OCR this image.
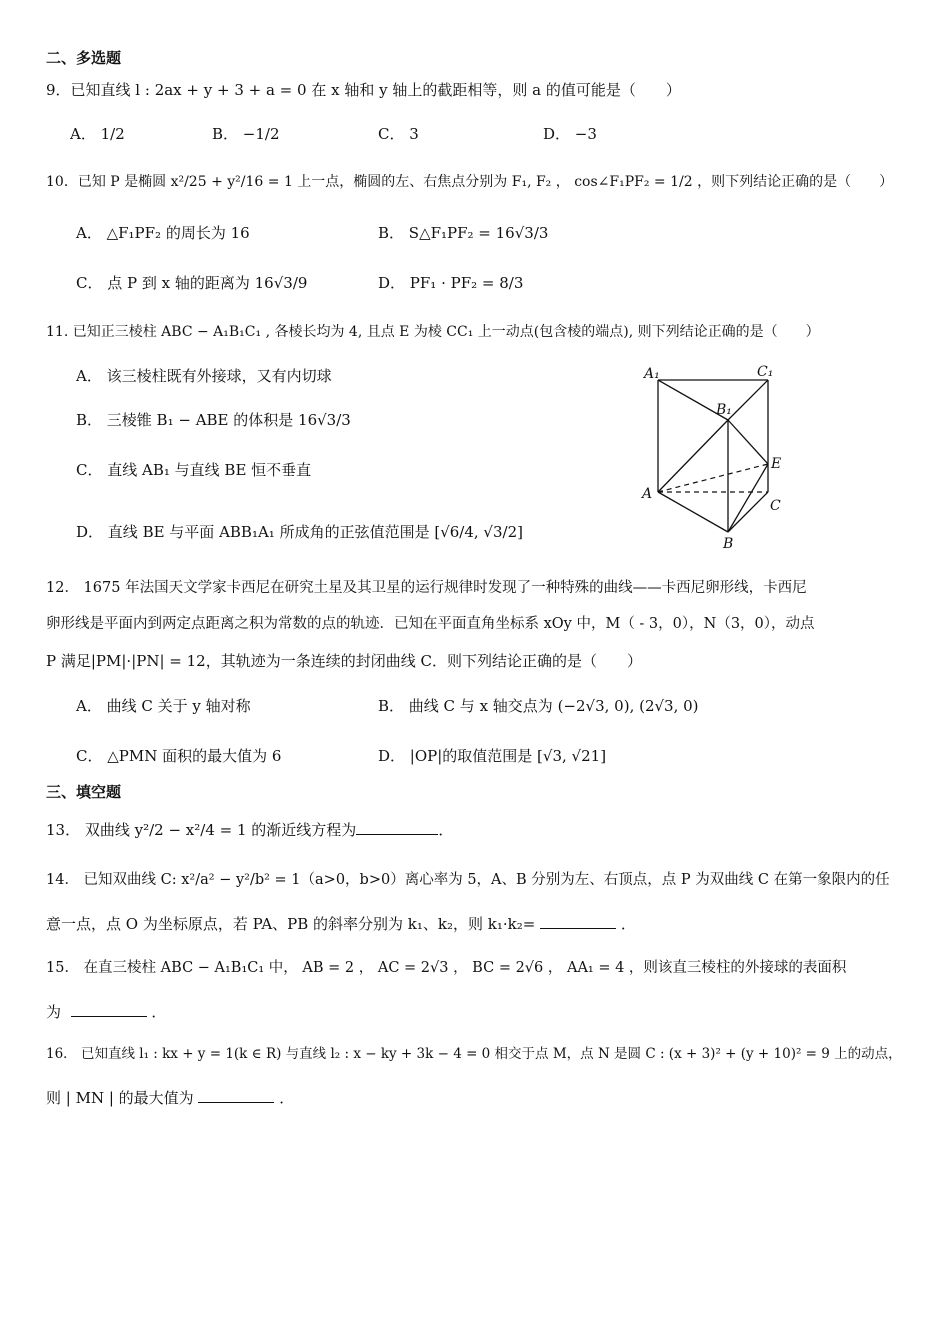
二、多选题
9．已知直线 l : 2ax + y + 3 + a = 0 在 x 轴和 y 轴上的截距相等，则 a 的值可能是（　　）
A． 1/2	B． −1/2	C． 3	D． −3
10．已知 P 是椭圆 x²/25 + y²/16 = 1 上一点，椭圆的左、右焦点分别为 F₁, F₂ ， cos∠F₁PF₂ = 1/2 ，则下列结论正确的是（　　）
A． △F₁PF₂ 的周长为 16	B． S△F₁PF₂ = 16√3/3
C． 点 P 到 x 轴的距离为 16√3/9	D． PF₁ · PF₂ = 8/3
11. 已知正三棱柱 ABC − A₁B₁C₁ , 各棱长均为 4, 且点 E 为棱 CC₁ 上一动点(包含棱的端点), 则下列结论正确的是（　　）
A． 该三棱柱既有外接球，又有内切球
B． 三棱锥 B₁ − ABE 的体积是 16√3/3
C． 直线 AB₁ 与直线 BE 恒不垂直
D． 直线 BE 与平面 ABB₁A₁ 所成角的正弦值范围是 [√6/4, √3/2]
A₁	C₁
B₁
E
A
C
B
12． 1675 年法国天文学家卡西尼在研究土星及其卫星的运行规律时发现了一种特殊的曲线——卡西尼卵形线，卡西尼
卵形线是平面内到两定点距离之积为常数的点的轨迹．已知在平面直角坐标系 xOy 中，M（ - 3，0），N（3，0），动点
P 满足|PM|·|PN| = 12，其轨迹为一条连续的封闭曲线 C．则下列结论正确的是（　　）
A． 曲线 C 关于 y 轴对称	B． 曲线 C 与 x 轴交点为 (−2√3, 0), (2√3, 0)
C． △PMN 面积的最大值为 6	D． |OP|的取值范围是 [√3, √21]
三、填空题
13． 双曲线 y²/2 − x²/4 = 1 的渐近线方程为	．
14． 已知双曲线 C: x²/a² − y²/b² = 1（a>0，b>0）离心率为 5，A、B 分别为左、右顶点，点 P 为双曲线 C 在第一象限内的任
意一点，点 O 为坐标原点，若 PA、PB 的斜率分别为 k₁、k₂，则 k₁·k₂=	．
15． 在直三棱柱 ABC − A₁B₁C₁ 中， AB = 2 ， AC = 2√3 ， BC = 2√6 ， AA₁ = 4 ，则该直三棱柱的外接球的表面积
为	．
16． 已知直线 l₁ : kx + y = 1(k ∈ R) 与直线 l₂ : x − ky + 3k − 4 = 0 相交于点 M，点 N 是圆 C : (x + 3)² + (y + 10)² = 9 上的动点，
则 | MN | 的最大值为	．
